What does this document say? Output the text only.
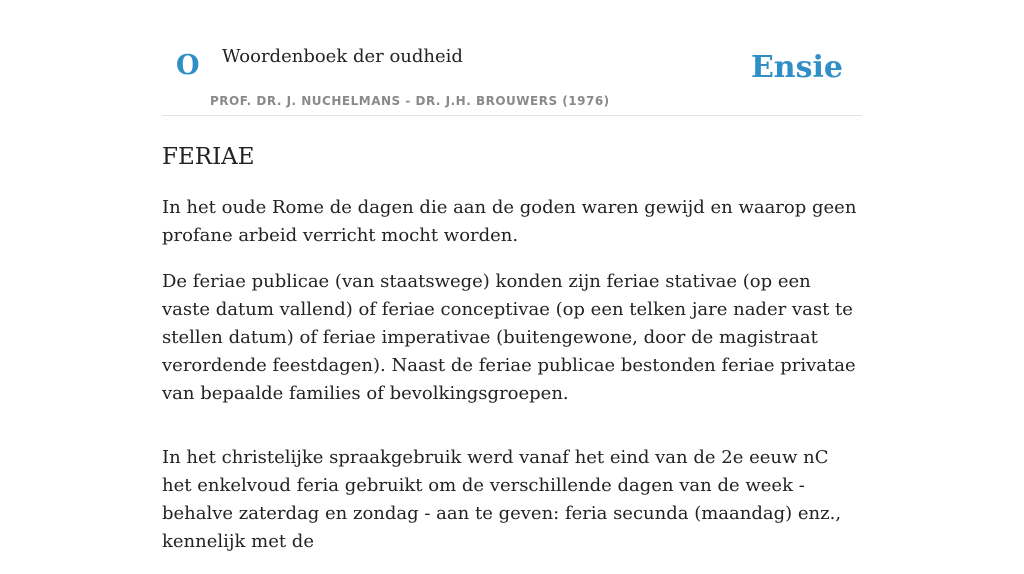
O Woordenboek der oudheid
PROF. DR. J. NUCHELMANS - DR. J.H. BROUWERS (1976)
Ensie
FERIAE

In het oude Rome de dagen die aan de goden waren gewijd en waarop geen profane arbeid verricht mocht worden.

De feriae publicae (van staatswege) konden zijn feriae stativae (op een vaste datum vallend) of feriae conceptivae (op een telken jare nader vast te stellen datum) of feriae imperativae (buitengewone, door de magistraat verordende feestdagen). Naast de feriae publicae bestonden feriae privatae van bepaalde families of bevolkingsgroepen.

In het christelijke spraakgebruik werd vanaf het eind van de 2e eeuw nC het enkelvoud feria gebruikt om de verschillende dagen van de week - behalve zaterdag en zondag - aan te geven: feria secunda (maandag) enz., kennelijk met de
